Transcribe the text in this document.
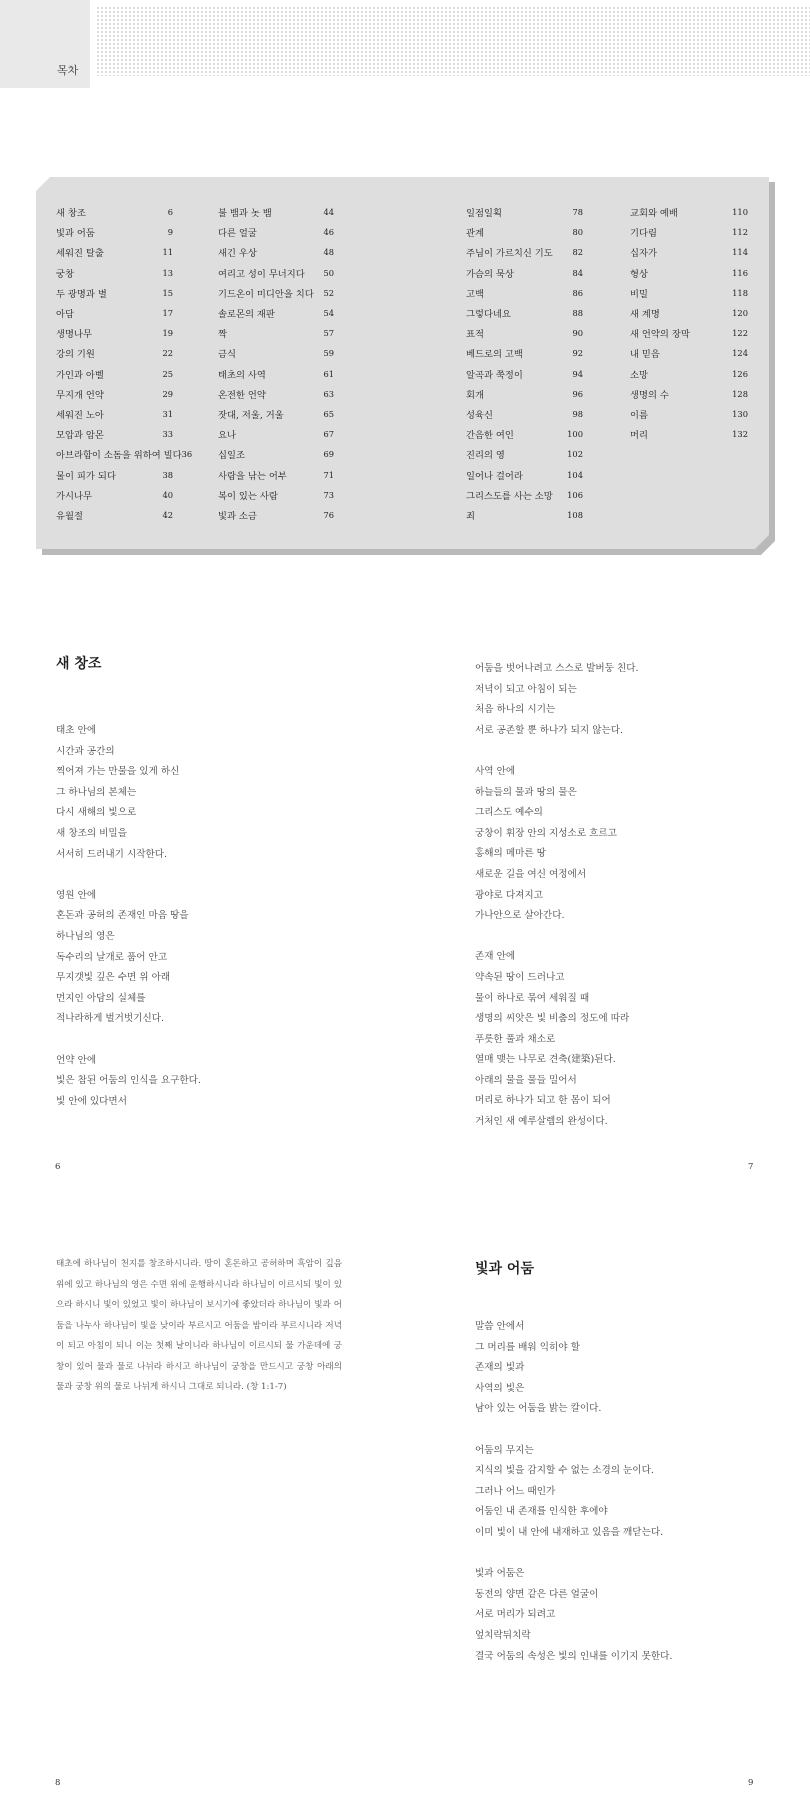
목차
새 창조	6
빛과 어둠	9
세워진 탈출	11
궁창	13
두 광명과 별	15
아담	17
생명나무	19
강의 기원	22
가인과 아벨	25
무지개 언약	29
세워진 노아	31
모압과 암몬	33
아브라함이 소돔을 위하여 빌다 36
물이 피가 되다	38
가시나무	40
유월절	42
불 뱀과 놋 뱀	44
다른 얼굴	46
새긴 우상	48
여리고 성이 무너지다 50
기드온이 미디안을 치다 52
솔로몬의 재판	54
짝	57
금식	59
태초의 사역	61
온전한 언약	63
잣대, 저울, 거울	65
요나	67
십일조	69
사람을 낚는 어부	71
복이 있는 사람	73
빛과 소금	76
일점일획	78
관계	80
주님이 가르치신 기도 82
가슴의 묵상	84
고백	86
그렇다네요	88
표적	90
베드로의 고백	92
알곡과 쭉정이	94
회개	96
성육신	98
간음한 여인	100
진리의 영	102
일어나 걸어라	104
그리스도를 사는 소망 106
죄	108
교회와 예배	110
기다림	112
십자가	114
형상	116
비밀	118
새 계명	120
새 언약의 장막	122
내 믿음	124
소망	126
생명의 수	128
이름	130
머리	132
새 창조
태초 안에
시간과 공간의
찍어져 가는 만물을 있게 하신
그 하나님의 본체는
다시 새해의 빛으로
새 창조의 비밀을
서서히 드러내기 시작한다.
영원 안에
혼돈과 공허의 존재인 마음 땅을
하나님의 영은
독수리의 날개로 품어 안고
무지갯빛 깊은 수면 위 아래
먼지인 아담의 실체를
적나라하게 벌거벗기신다.
언약 안에
빛은 참된 어둠의 인식을 요구한다.
빛 안에 있다면서
6
어둠을 벗어나려고 스스로 발버둥 친다.
저녁이 되고 아침이 되는
처음 하나의 시기는
서로 공존할 뿐 하나가 되지 않는다.
사역 안에
하늘들의 물과 땅의 물은
그리스도 예수의
궁창이 휘장 안의 지성소로 흐르고
홍해의 메마른 땅
새로운 길을 여신 여정에서
광야로 다져지고
가나안으로 살아간다.
존재 안에
약속된 땅이 드러나고
물이 하나로 묶여 세워질 때
생명의 씨앗은 빛 비춤의 정도에 따라
푸릇한 풀과 채소로
열매 맺는 나무로 견축(建築)된다.
아래의 물을 물들 밀어서
머리로 하나가 되고 한 몸이 되어
거처인 새 예루살렘의 완성이다.
7
태초에 하나님이 천지를 창조하시니라. 땅이 혼돈하고 공허하며 흑암이 깊음 위에 있고 하나님의 영은 수면 위에 운행하시니라 하나님이 이르시되 빛이 있으라 하시니 빛이 있었고 빛이 하나님이 보시기에 좋았더라 하나님이 빛과 어둠을 나누사 하나님이 빛을 낮이라 부르시고 어둠을 밤이라 부르시니라 저녁이 되고 아침이 되니 이는 첫째 날이니라 하나님이 이르시되 물 가운데에 궁창이 있어 물과 물로 나뉘라 하시고 하나님이 궁창을 만드시고 궁창 아래의 물과 궁창 위의 물로 나뉘게 하시니 그대로 되니라. (창 1:1-7)
8
빛과 어둠
말씀 안에서
그 머리를 배워 익히야 할
존재의 빛과
사역의 빛은
남아 있는 어둠을 밝는 칼이다.
어둠의 무지는
지식의 빛을 감지할 수 없는 소경의 눈이다.
그러나 어느 때인가
어둠인 내 존재를 인식한 후에야
이미 빛이 내 안에 내재하고 있음을 깨닫는다.
빛과 어둠은
동전의 양면 같은 다른 얼굴이
서로 머리가 되려고
엎치락뒤치락
결국 어둠의 속성은 빛의 인내를 이기지 못한다.
9
